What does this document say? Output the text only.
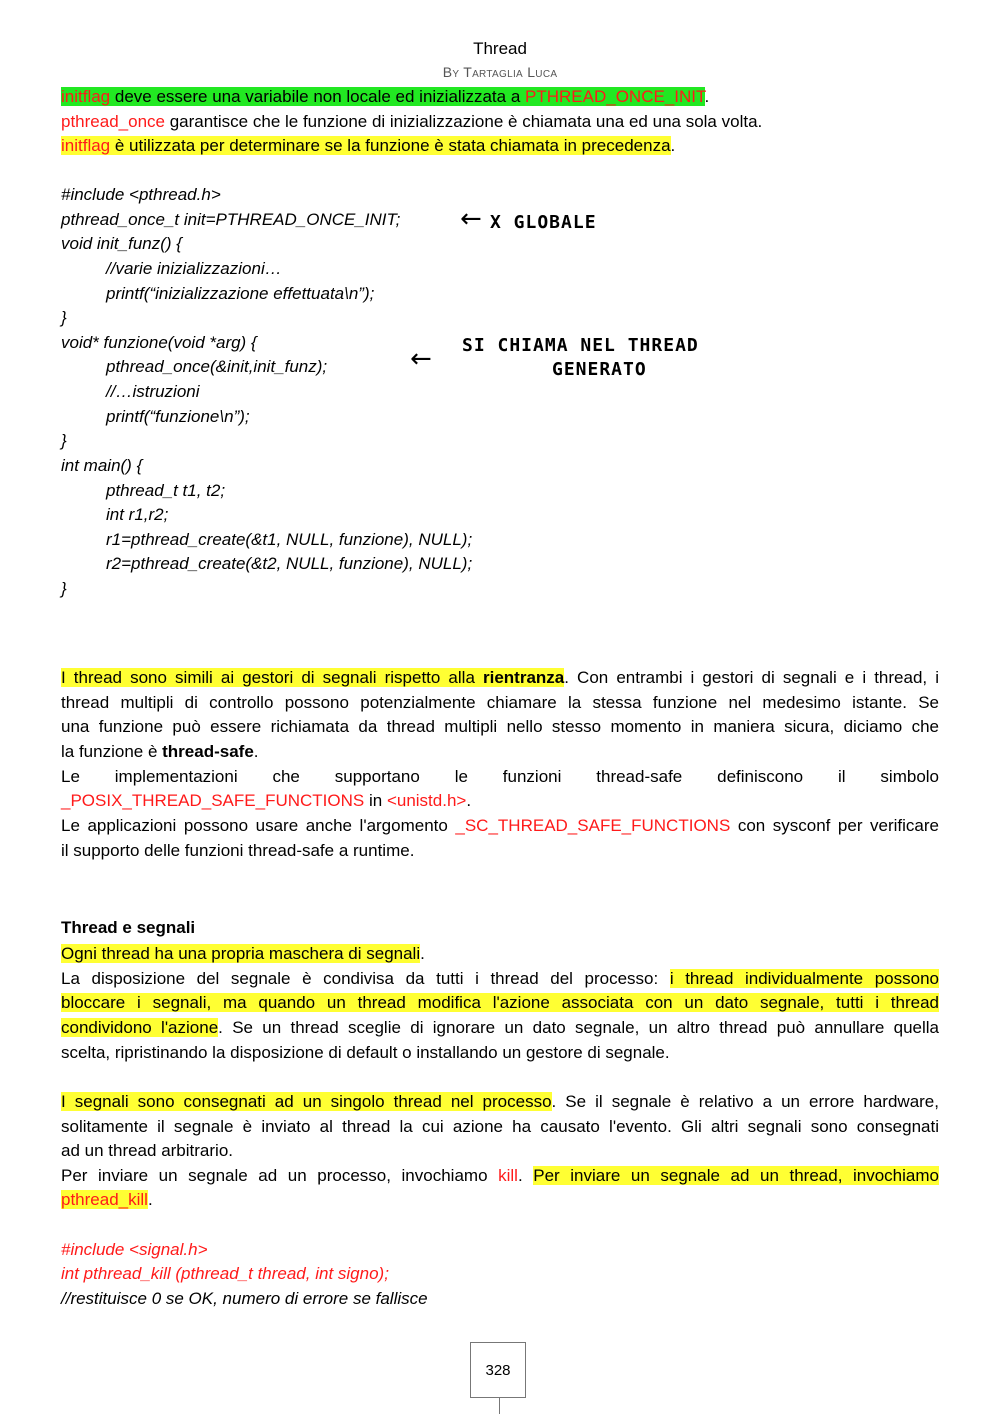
Thread
By Tartaglia Luca
initflag deve essere una variabile non locale ed inizializzata a PTHREAD_ONCE_INIT.
pthread_once garantisce che le funzione di inizializzazione è chiamata una ed una sola volta.
initflag è utilizzata per determinare se la funzione è stata chiamata in precedenza.
#include <pthread.h>
pthread_once_t init=PTHREAD_ONCE_INIT;
void init_funz() {
//varie inizializzazioni…
printf(“inizializzazione effettuata\n”);
}
void* funzione(void *arg) {
pthread_once(&init,init_funz);
//…istruzioni
printf(“funzione\n”);
}
int main() {
pthread_t t1, t2;
int r1,r2;
r1=pthread_create(&t1, NULL, funzione), NULL);
r2=pthread_create(&t2, NULL, funzione), NULL);
}
← X GLOBALE
← SI CHIAMA NEL THREAD
GENERATO
I thread sono simili ai gestori di segnali rispetto alla rientranza. Con entrambi i gestori di segnali e i thread, i
thread multipli di controllo possono potenzialmente chiamare la stessa funzione nel medesimo istante. Se
una funzione può essere richiamata da thread multipli nello stesso momento in maniera sicura, diciamo che
la funzione è thread-safe.
Le implementazioni che supportano le funzioni thread-safe definiscono il simbolo
_POSIX_THREAD_SAFE_FUNCTIONS in <unistd.h>.
Le applicazioni possono usare anche l'argomento _SC_THREAD_SAFE_FUNCTIONS con sysconf per verificare
il supporto delle funzioni thread-safe a runtime.
Thread e segnali
Ogni thread ha una propria maschera di segnali.
La disposizione del segnale è condivisa da tutti i thread del processo: i thread individualmente possono
bloccare i segnali, ma quando un thread modifica l'azione associata con un dato segnale, tutti i thread
condividono l'azione. Se un thread sceglie di ignorare un dato segnale, un altro thread può annullare quella
scelta, ripristinando la disposizione di default o installando un gestore di segnale.
I segnali sono consegnati ad un singolo thread nel processo. Se il segnale è relativo a un errore hardware,
solitamente il segnale è inviato al thread la cui azione ha causato l'evento. Gli altri segnali sono consegnati
ad un thread arbitrario.
Per inviare un segnale ad un processo, invochiamo kill. Per inviare un segnale ad un thread, invochiamo
pthread_kill.
#include <signal.h>
int pthread_kill (pthread_t thread, int signo);
//restituisce 0 se OK, numero di errore se fallisce
328
